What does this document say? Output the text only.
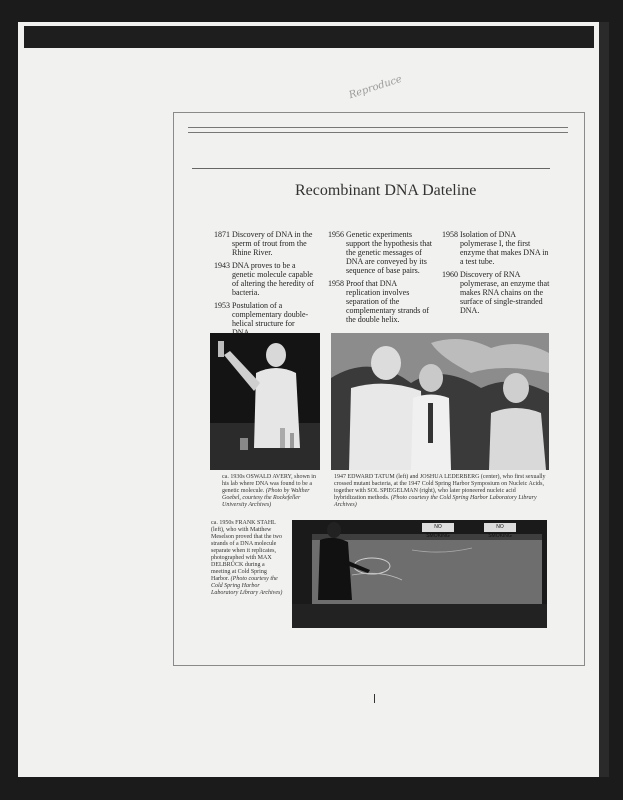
Reproduce
Recombinant DNA Dateline
1871 Discovery of DNA in the sperm of trout from the Rhine River.
1943 DNA proves to be a genetic molecule capable of altering the heredity of bacteria.
1953 Postulation of a complementary double-helical structure for
1956 Genetic experiments support the hypothesis that the genetic messages of DNA are conveyed by its sequence of base pairs.
1958 Proof that DNA replication involves separation of the complementary strands of the double helix.
1958 Isolation of DNA polymerase I, the first enzyme that makes DNA in a test tube.
1960 Discovery of RNA polymerase, an enzyme that makes RNA chains on the surface of single-stranded DNA.
ca. 1930s OSWALD AVERY, shown in his lab where DNA was found to be a genetic molecule. (Photo by Walther Goebel, courtesy the Rockefeller University Archives)
1947 EDWARD TATUM (left) and JOSHUA LEDERBERG (center), who first sexually crossed mutant bacteria, at the 1947 Cold Spring Harbor Symposium on Nucleic Acids, together with SOL SPIEGELMAN (right), who later pioneered nucleic acid hybridization methods. (Photo courtesy the Cold Spring Harbor Laboratory Library Archives)
ca. 1950s FRANK STAHL (left), who with Matthew Meselson proved that the two strands of a DNA molecule separate when it replicates, photographed with MAX DELBRÜCK during a meeting at Cold Spring Harbor. (Photo courtesy the Cold Spring Harbor Laboratory Library Archives)
NO SMOKING
NO SMOKING
